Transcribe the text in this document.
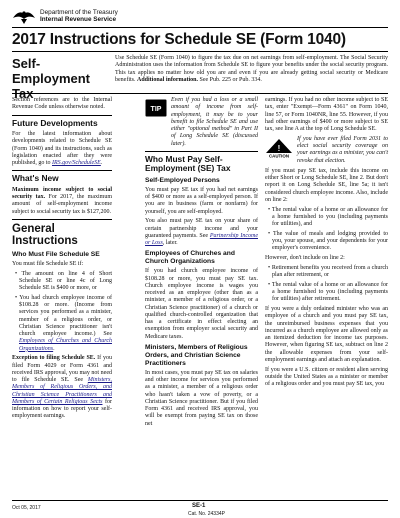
Department of the Treasury
Internal Revenue Service
2017 Instructions for Schedule SE (Form 1040)
Self-Employment Tax
Use Schedule SE (Form 1040) to figure the tax due on net earnings from self-employment. The Social Security Administration uses the information from Schedule SE to figure your benefits under the social security program. This tax applies no matter how old you are and even if you are already getting social security or Medicare benefits. Additional information. See Pub. 225 or Pub. 334.

Section references are to the Internal Revenue Code unless otherwise noted.

Future Developments

For the latest information about developments related to Schedule SE (Form 1040) and its instructions, such as legislation enacted after they were published, go to IRS.gov/ScheduleSE.

What's New

Maximum income subject to social security tax. For 2017, the maximum amount of self-employment income subject to social security tax is $127,200.

General Instructions
Who Must File Schedule SE

You must file Schedule SE if:

• The amount on line 4 of Short Schedule SE or line 4c of Long Schedule SE is $400 or more, or

• You had church employee income of $108.28 or more. (Income from services you performed as a minister, member of a religious order, or Christian Science practitioner isn't church employee income.) See Employees of Churches and Church Organizations.

Exception to filing Schedule SE. If you filed Form 4029 or Form 4361 and received IRS approval, you may not need to file Schedule SE. See Ministers, Members of Religious Orders, and Christian Science Practitioners and Members of Certain Religious Sects for information on how to report your self-employment earnings.

TIP
Even if you had a loss or a small amount of income from self-employment, it may be to your benefit to file Schedule SE and use either "optional method" in Part II of Long Schedule SE (discussed later).
Who Must Pay Self-Employment (SE) Tax
Self-Employed Persons

You must pay SE tax if you had net earnings of $400 or more as a self-employed person. If you are in business (farm or nonfarm) for yourself, you are self-employed.

You also must pay SE tax on your share of certain partnership income and your guaranteed payments. See Partnership Income or Loss, later.

Employees of Churches and Church Organizations

If you had church employee income of $108.28 or more, you must pay SE tax. Church employee income is wages you received as an employee (other than as a minister, a member of a religious order, or a Christian Science practitioner) of a church or qualified church-controlled organization that has a certificate in effect electing an exemption from employer social security and Medicare taxes.

Ministers, Members of Religious Orders, and Christian Science Practitioners

In most cases, you must pay SE tax on salaries and other income for services you performed as a minister, a member of a religious order who hasn't taken a vow of poverty, or a Christian Science practitioner. But if you filed Form 4361 and received IRS approval, you will be exempt from paying SE tax on those net

earnings. If you had no other income subject to SE tax, enter "Exempt—Form 4361" on Form 1040, line 57, or Form 1040NR, line 55. However, if you had other earnings of $400 or more subject to SE tax, see line A at the top of Long Schedule SE.

!
CAUTION
If you have ever filed Form 2031 to elect social security coverage on your earnings as a minister, you can't revoke that election.

If you must pay SE tax, include this income on either Short or Long Schedule SE, line 2. But don't report it on Long Schedule SE, line 5a; it isn't considered church employee income. Also, include on line 2:

• The rental value of a home or an allowance for a home furnished to you (including payments for utilities), and

• The value of meals and lodging provided to you, your spouse, and your dependents for your employer's convenience.

However, don't include on line 2:

• Retirement benefits you received from a church plan after retirement, or

• The rental value of a home or an allowance for a home furnished to you (including payments for utilities) after retirement.

If you were a duly ordained minister who was an employee of a church and you must pay SE tax, the unreimbursed business expenses that you incurred as a church employee are allowed only as an itemized deduction for income tax purposes. However, when figuring SE tax, subtract on line 2 the allowable expenses from your self-employment earnings and attach an explanation.

If you were a U.S. citizen or resident alien serving outside the United States as a minister or member of a religious order and you must pay SE tax, you

Oct 05, 2017	SE-1
Cat. No. 24334P
